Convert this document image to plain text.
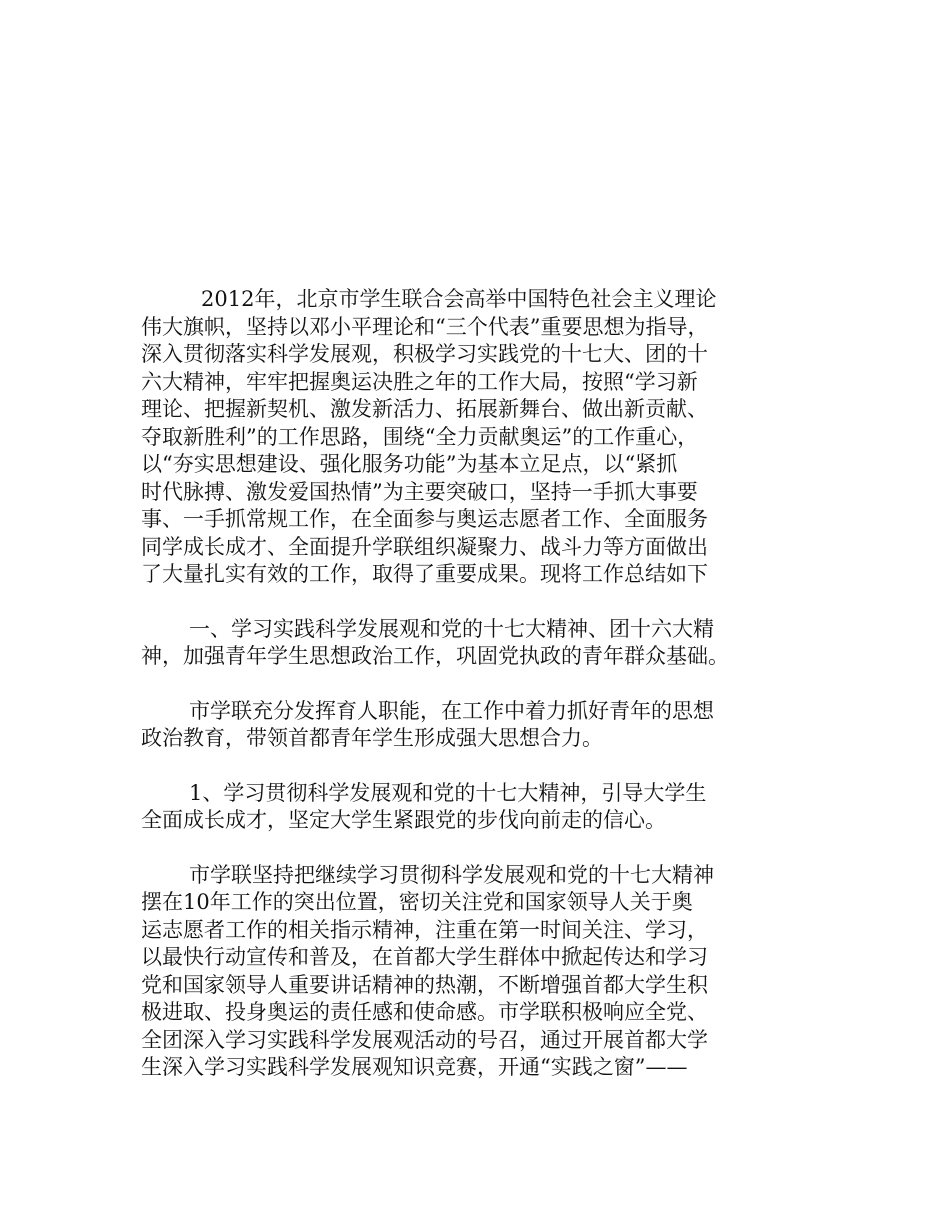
2012年，北京市学生联合会高举中国特色社会主义理论
伟大旗帜，坚持以邓小平理论和“三个代表”重要思想为指导，
深入贯彻落实科学发展观，积极学习实践党的十七大、团的十
六大精神，牢牢把握奥运决胜之年的工作大局，按照“学习新
理论、把握新契机、激发新活力、拓展新舞台、做出新贡献、
夺取新胜利”的工作思路，围绕“全力贡献奥运”的工作重心，
以“夯实思想建设、强化服务功能”为基本立足点，以“紧抓
时代脉搏、激发爱国热情”为主要突破口，坚持一手抓大事要
事、一手抓常规工作，在全面参与奥运志愿者工作、全面服务
同学成长成才、全面提升学联组织凝聚力、战斗力等方面做出
了大量扎实有效的工作，取得了重要成果。现将工作总结如下

一、学习实践科学发展观和党的十七大精神、团十六大精
神，加强青年学生思想政治工作，巩固党执政的青年群众基础。

市学联充分发挥育人职能，在工作中着力抓好青年的思想
政治教育，带领首都青年学生形成强大思想合力。

1、学习贯彻科学发展观和党的十七大精神，引导大学生
全面成长成才，坚定大学生紧跟党的步伐向前走的信心。

市学联坚持把继续学习贯彻科学发展观和党的十七大精神
摆在10年工作的突出位置，密切关注党和国家领导人关于奥
运志愿者工作的相关指示精神，注重在第一时间关注、学习，
以最快行动宣传和普及，在首都大学生群体中掀起传达和学习
党和国家领导人重要讲话精神的热潮，不断增强首都大学生积
极进取、投身奥运的责任感和使命感。市学联积极响应全党、
全团深入学习实践科学发展观活动的号召，通过开展首都大学
生深入学习实践科学发展观知识竞赛，开通“实践之窗”——
